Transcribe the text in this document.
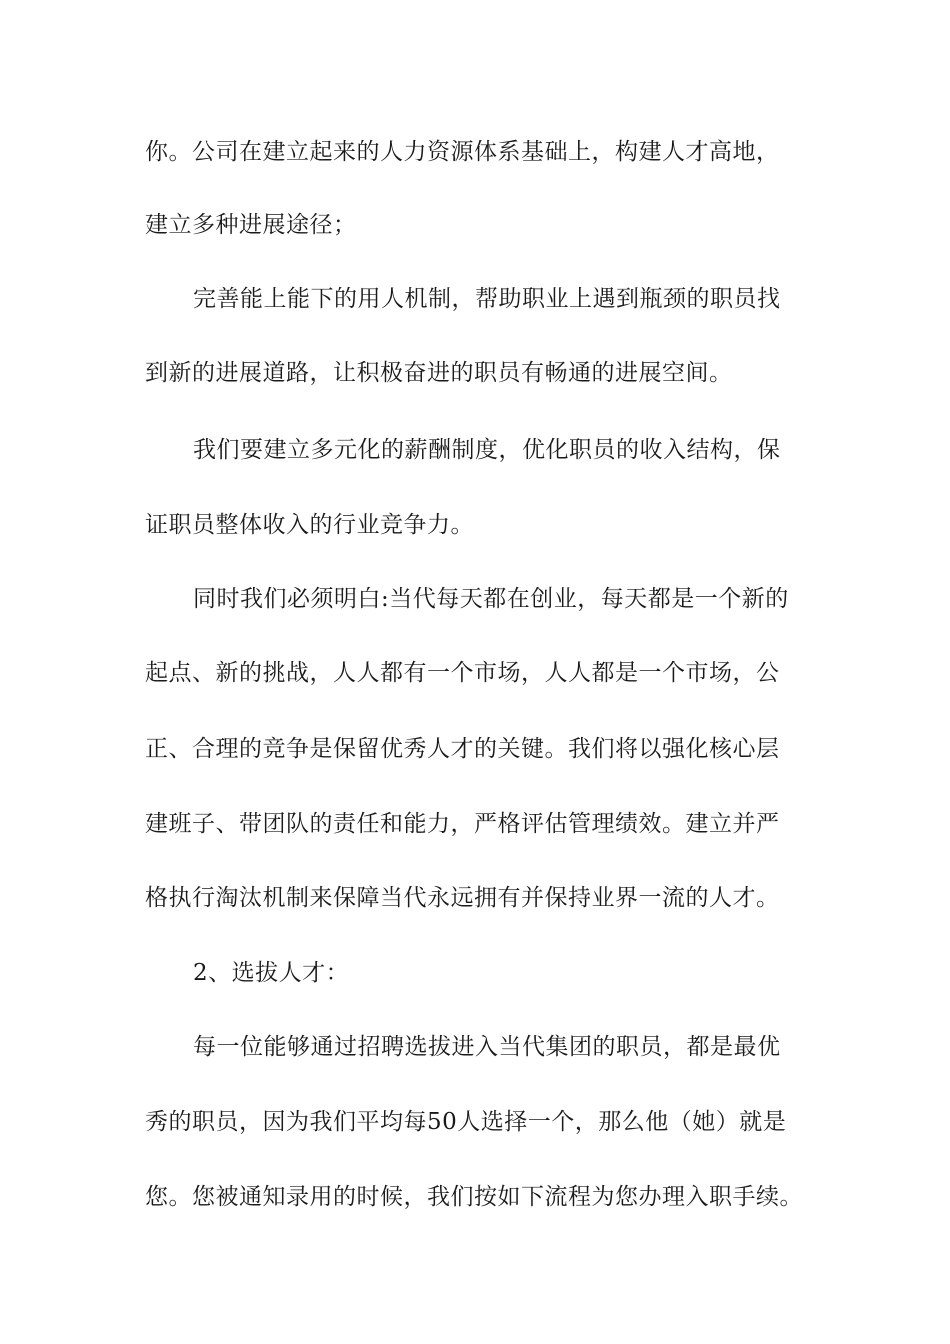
你。公司在建立起来的人力资源体系基础上，构建人才高地，
建立多种进展途径；
完善能上能下的用人机制，帮助职业上遇到瓶颈的职员找
到新的进展道路，让积极奋进的职员有畅通的进展空间。
我们要建立多元化的薪酬制度，优化职员的收入结构，保
证职员整体收入的行业竞争力。
同时我们必须明白:当代每天都在创业，每天都是一个新的
起点、新的挑战，人人都有一个市场，人人都是一个市场，公
正、合理的竞争是保留优秀人才的关键。我们将以强化核心层
建班子、带团队的责任和能力，严格评估管理绩效。建立并严
格执行淘汰机制来保障当代永远拥有并保持业界一流的人才。
2、选拔人才：
每一位能够通过招聘选拔进入当代集团的职员，都是最优
秀的职员，因为我们平均每50人选择一个，那么他（她）就是
您。您被通知录用的时候，我们按如下流程为您办理入职手续。
